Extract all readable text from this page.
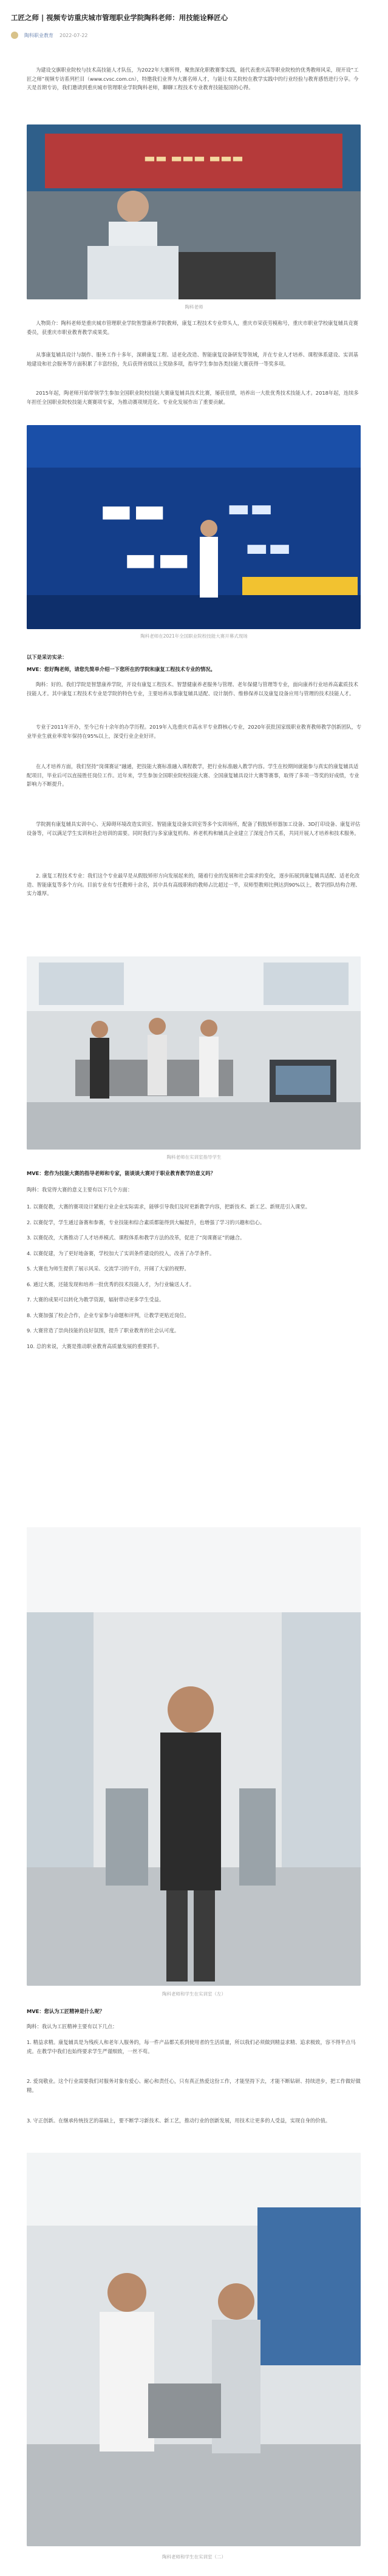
工匠之师 | 视频专访重庆城市管理职业学院陶科老师：用技能诠释匠心
陶科职业教育 2022-07-22
为建设交旗职业院校与技术高技能人才队伍，为2022年大赛所得，聚焦深化职教赛事实践，能代表重庆高等职业院校的优秀教师风采，现开设“工匠之师”视频专访系列栏目（www.cvsc.com.cn），特邀我们业界为大赛名师人才，与能让有关院校在教学实践中的行业经验与教育感悟进行分享。今天是首期专访，我们邀请到重庆城市管理职业学院陶科老师，聊聊工程技术专业教育技能报国的心得。
▬▬ ▬▬▬ ▬▬▬
陶科老师
人物简介：陶科老师是重庆城市管理职业学院智慧康养学院教师，康复工程技术专业带头人，重庆市荣获劳模称号，重庆市职业学校康复辅具竞赛委员，获重庆市职业教育教学成果奖。
从事康复辅具设计与制作、服务工作十多年，深耕康复工程、适老化改造、智能康复设备研发等领域，并在专业人才培养、课程体系建设、实训基地建设和社会服务等方面积累了丰富经验，先后获得省级以上奖励多项，指导学生参加各类技能大赛获得一等奖多项。
2015年起，陶老师开始带领学生参加全国职业院校技能大赛康复辅具技术比赛，屡获佳绩，培养出一大批优秀技术技能人才。2018年起，连续多年担任全国职业院校技能大赛赛项专家，为推动赛项规范化、专业化发展作出了重要贡献。
▬▬
▬▬
▬▬
▬▬
陶科老师在2021年全国职业院校技能大赛开幕式现场
以下是采访实录：
MVE：您好陶老师，请您先简单介绍一下您所在的学院和康复工程技术专业的情况。
陶科：好的。我们学院是智慧康养学院，开设有康复工程技术、智慧健康养老服务与管理、老年保健与管理等专业，面向康养行业培养高素质技术技能人才。其中康复工程技术专业是学院的特色专业，主要培养从事康复辅具适配、设计制作、维修保养以及康复设备应用与管理的技术技能人才。
专业于2011年开办，至今已有十余年的办学历程。2019年入选重庆市高水平专业群核心专业，2020年获批国家级职业教育教师教学创新团队，专业毕业生就业率常年保持在95%以上，深受行业企业好评。
在人才培养方面，我们坚持“岗课赛证”融通，把技能大赛标准融入课程教学，把行业标准融入教学内容。学生在校期间就能参与真实的康复辅具适配项目，毕业后可以直接胜任岗位工作。近年来，学生参加全国职业院校技能大赛、全国康复辅具设计大赛等赛事，取得了多项一等奖的好成绩，专业影响力不断提升。
学院拥有康复辅具实训中心、无障碍环境改造实训室、智能康复设备实训室等多个实训场所，配备了假肢矫形器加工设备、3D打印设备、康复评估设备等，可以满足学生实训和社会培训的需要。同时我们与多家康复机构、养老机构和辅具企业建立了深度合作关系，共同开展人才培养和技术服务。
2. 康复工程技术专业：我们这个专业最早是从假肢矫形方向发展起来的，随着行业的发展和社会需求的变化，逐步拓展到康复辅具适配、适老化改造、智能康复等多个方向。目前专业有专任教师十余名，其中具有高级职称的教师占比超过一半，双师型教师比例达到90%以上，教学团队结构合理、实力雄厚。
陶科老师在实训室指导学生
MVE：您作为技能大赛的指导老师和专家，能谈谈大赛对于职业教育教学的意义吗？
陶科：我觉得大赛的意义主要有以下几个方面：
1. 以赛促教，大赛的赛项设计紧贴行业企业实际需求，能够引导我们及时更新教学内容，把新技术、新工艺、新规范引入课堂。
2. 以赛促学，学生通过备赛和参赛，专业技能和综合素质都能得到大幅提升，也增强了学习的兴趣和信心。
3. 以赛促改，大赛推动了人才培养模式、课程体系和教学方法的改革，促进了“岗课赛证”的融合。
4. 以赛促建，为了更好地备赛，学校加大了实训条件建设的投入，改善了办学条件。
5. 大赛也为师生提供了展示风采、交流学习的平台，开阔了大家的视野。
6. 通过大赛，还能发现和培养一批优秀的技术技能人才，为行业输送人才。
7. 大赛的成果可以转化为教学资源，辐射带动更多学生受益。
8. 大赛加强了校企合作，企业专家参与命题和评判，让教学更贴近岗位。
9. 大赛营造了崇尚技能的良好氛围，提升了职业教育的社会认可度。
10. 总的来说，大赛是推动职业教育高质量发展的重要抓手。
陶科老师和学生在实训室（左）
MVE：您认为工匠精神是什么呢？
陶科：我认为工匠精神主要有以下几点：
1. 精益求精。康复辅具是为残疾人和老年人服务的，每一件产品都关系到使用者的生活质量，所以我们必须做到精益求精、追求极致，容不得半点马虎。在教学中我们也始终要求学生严谨细致，一丝不苟。
2. 爱岗敬业。这个行业需要我们对服务对象有爱心、耐心和责任心，只有真正热爱这份工作，才能坚持下去，才能不断钻研、持续进步，把工作做好做精。
3. 守正创新。在继承传统技艺的基础上，要不断学习新技术、新工艺，推动行业的创新发展，用技术让更多的人受益，实现自身的价值。
陶科老师和学生在实训室（二）
